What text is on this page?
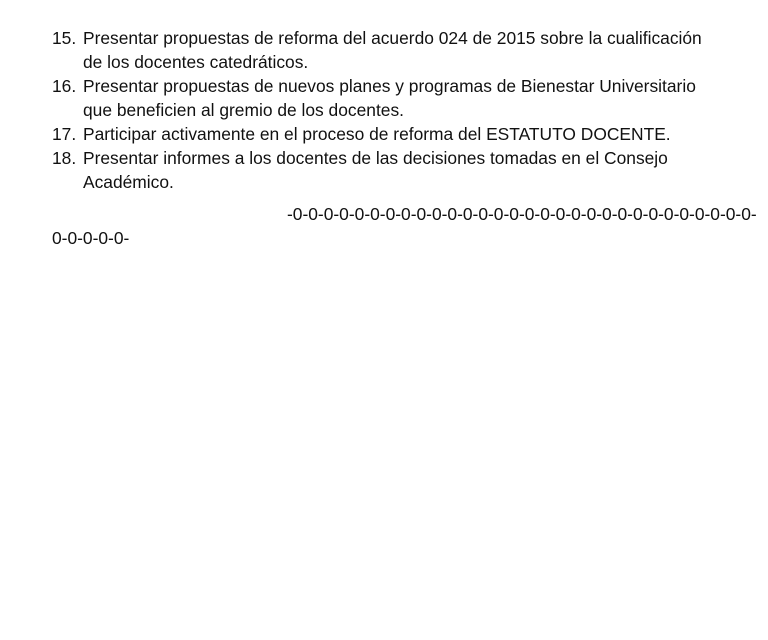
15. Presentar propuestas de reforma del acuerdo 024 de 2015 sobre la cualificación de los docentes catedráticos.
16. Presentar propuestas de nuevos planes y programas de Bienestar Universitario que beneficien al gremio de los docentes.
17. Participar activamente en el proceso de reforma del ESTATUTO DOCENTE.
18. Presentar informes a los docentes de las decisiones tomadas en el Consejo Académico.
-0-0-0-0-0-0-0-0-0-0-0-0-0-0-0-0-0-0-0-0-0-0-0-0-0-0-0-0-0-0-
0-0-0-0-0-
